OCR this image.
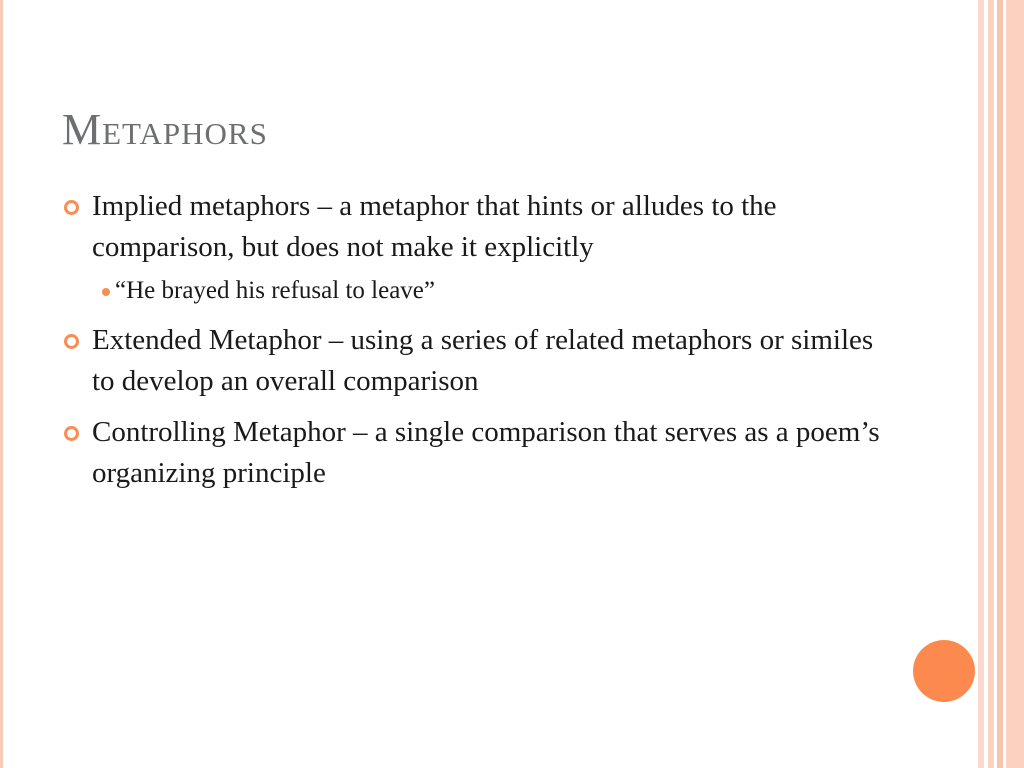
Metaphors
Implied metaphors – a metaphor that hints or alludes to the comparison, but does not make it explicitly
“He brayed his refusal to leave”
Extended Metaphor – using a series of related metaphors or similes to develop an overall comparison
Controlling Metaphor – a single comparison that serves as a poem’s organizing principle
